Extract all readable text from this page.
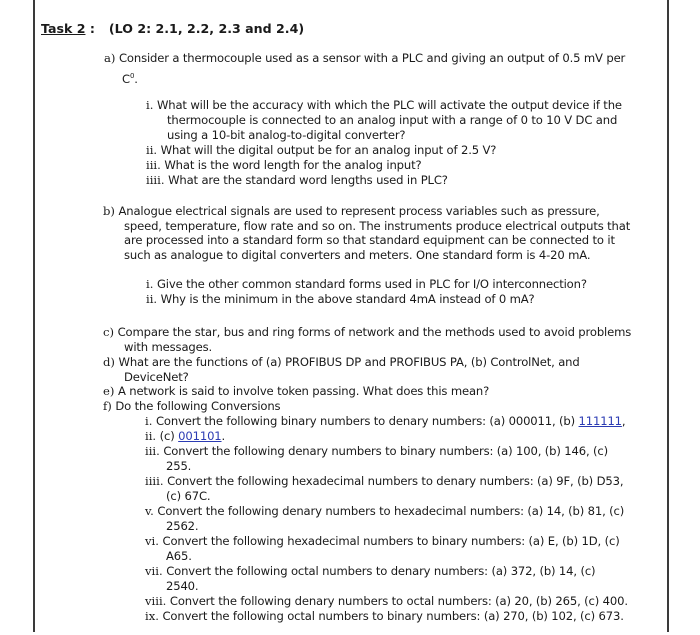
Task 2 : (LO 2: 2.1, 2.2, 2.3 and 2.4)
a) Consider a thermocouple used as a sensor with a PLC and giving an output of 0.5 mV per
$C^0$.
i. What will be the accuracy with which the PLC will activate the output device if the
thermocouple is connected to an analog input with a range of 0 to 10 V DC and
using a 10-bit analog-to-digital converter?
ii. What will the digital output be for an analog input of 2.5 V?
iii. What is the word length for the analog input?
iiii. What are the standard word lengths used in PLC?
b) Analogue electrical signals are used to represent process variables such as pressure,
speed, temperature, flow rate and so on. The instruments produce electrical outputs that
are processed into a standard form so that standard equipment can be connected to it
such as analogue to digital converters and meters. One standard form is 4-20 mA.
i. Give the other common standard forms used in PLC for I/O interconnection?
ii. Why is the minimum in the above standard 4mA instead of 0 mA?
c) Compare the star, bus and ring forms of network and the methods used to avoid problems
with messages.
d) What are the functions of (a) PROFIBUS DP and PROFIBUS PA, (b) ControlNet, and
DeviceNet?
e) A network is said to involve token passing. What does this mean?
f) Do the following Conversions
i. Convert the following binary numbers to denary numbers: (a) 000011, (b) 111111,
ii. (c) 001101.
iii. Convert the following denary numbers to binary numbers: (a) 100, (b) 146, (c)
255.
iiii. Convert the following hexadecimal numbers to denary numbers: (a) 9F, (b) D53,
(c) 67C.
v. Convert the following denary numbers to hexadecimal numbers: (a) 14, (b) 81, (c)
2562.
vi. Convert the following hexadecimal numbers to binary numbers: (a) E, (b) 1D, (c)
A65.
vii. Convert the following octal numbers to denary numbers: (a) 372, (b) 14, (c)
2540.
viii. Convert the following denary numbers to octal numbers: (a) 20, (b) 265, (c) 400.
ix. Convert the following octal numbers to binary numbers: (a) 270, (b) 102, (c) 673.
